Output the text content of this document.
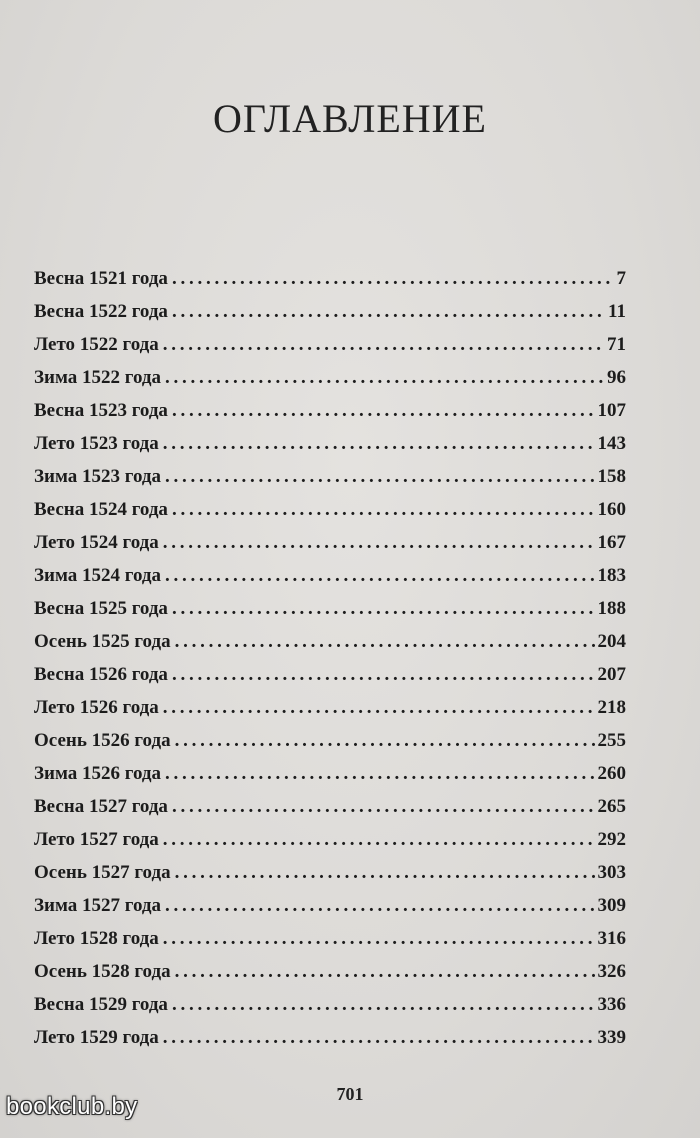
ОГЛАВЛЕНИЕ
Весна 1521 года . . .	7
Весна 1522 года . . .	11
Лето 1522 года . . .	71
Зима 1522 года . . .	96
Весна 1523 года . . .	107
Лето 1523 года . . .	143
Зима 1523 года . . .	158
Весна 1524 года . . .	160
Лето 1524 года . . .	167
Зима 1524 года . . .	183
Весна 1525 года . . .	188
Осень 1525 года . . .	204
Весна 1526 года . . .	207
Лето 1526 года . . .	218
Осень 1526 года . . .	255
Зима 1526 года . . .	260
Весна 1527 года . . .	265
Лето 1527 года . . .	292
Осень 1527 года . . .	303
Зима 1527 года . . .	309
Лето 1528 года . . .	316
Осень 1528 года . . .	326
Весна 1529 года . . .	336
Лето 1529 года . . .	339
701
bookclub.by
